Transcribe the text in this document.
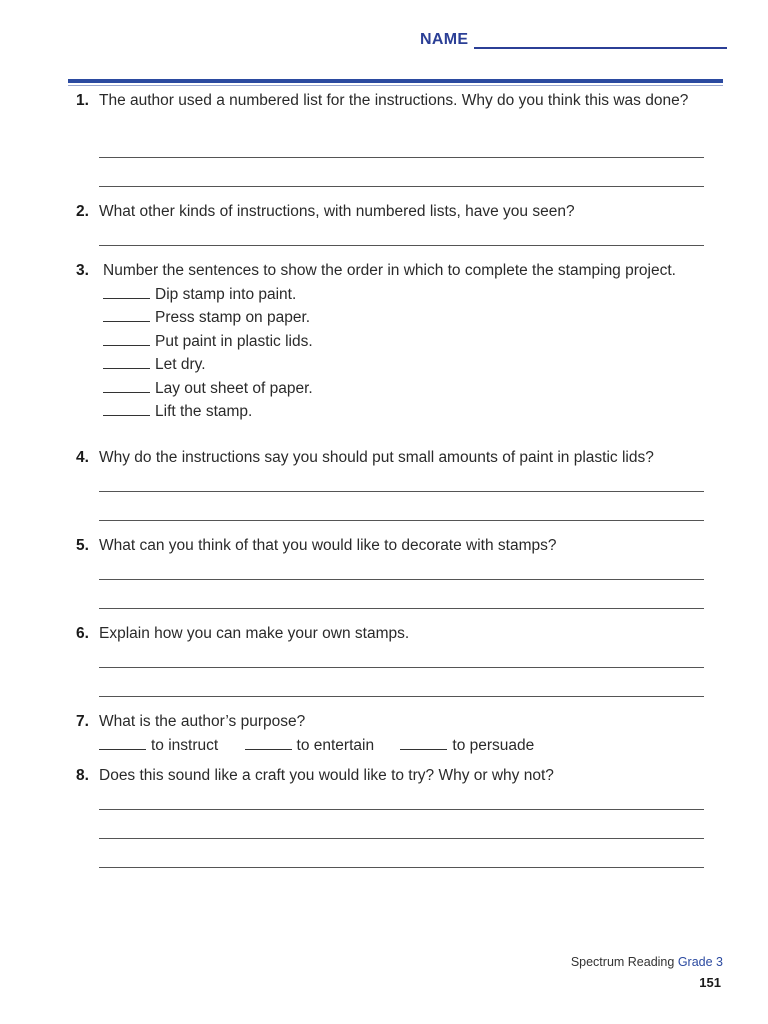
NAME
1. The author used a numbered list for the instructions. Why do you think this was done?
2. What other kinds of instructions, with numbered lists, have you seen?
3. Number the sentences to show the order in which to complete the stamping project.
Dip stamp into paint.
Press stamp on paper.
Put paint in plastic lids.
Let dry.
Lay out sheet of paper.
Lift the stamp.
4. Why do the instructions say you should put small amounts of paint in plastic lids?
5. What can you think of that you would like to decorate with stamps?
6. Explain how you can make your own stamps.
7. What is the author’s purpose?
to instruct	to entertain	to persuade
8. Does this sound like a craft you would like to try? Why or why not?
Spectrum Reading Grade 3
151
